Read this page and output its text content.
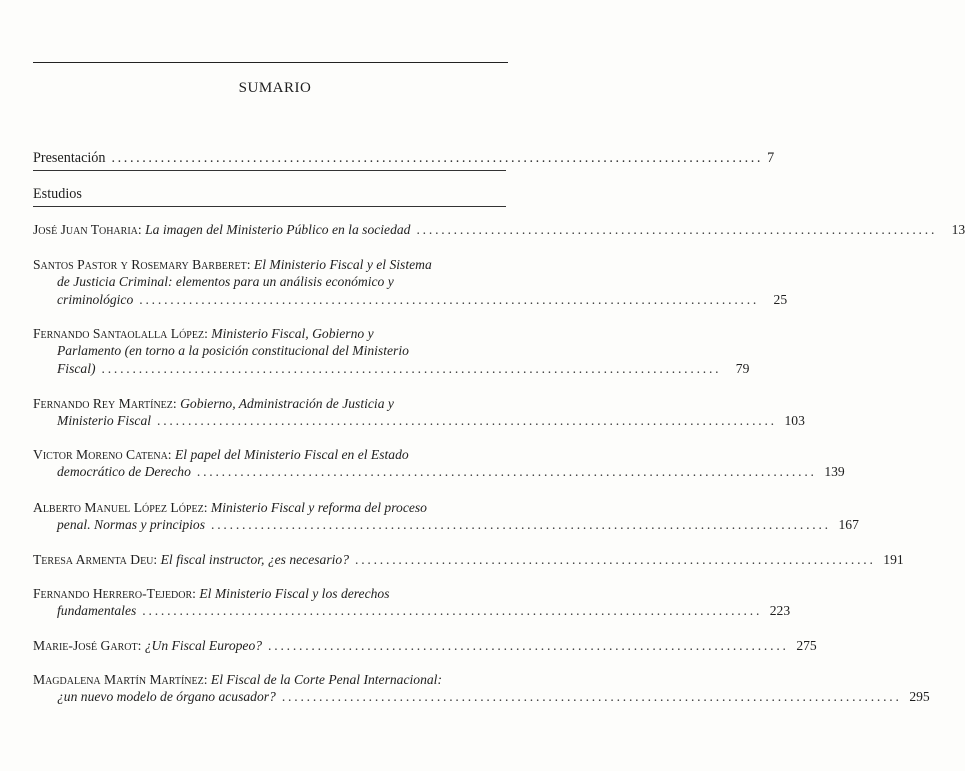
SUMARIO
Presentación .......................................................................................................... 7
Estudios
José Juan Toharia: La imagen del Ministerio Público en la sociedad ....................................................................................	13
Santos Pastor y Rosemary Barberet: El Ministerio Fiscal y el Sistema
de Justicia Criminal: elementos para un análisis económico y
criminológico ....................................................................................................	25
Fernando Santaolalla López: Ministerio Fiscal, Gobierno y
Parlamento (en torno a la posición constitucional del Ministerio
Fiscal) ....................................................................................................	79
Fernando Rey Martínez: Gobierno, Administración de Justicia y
Ministerio Fiscal .................................................................................................... 103
Victor Moreno Catena: El papel del Ministerio Fiscal en el Estado
democrático de Derecho .................................................................................................... 139
Alberto Manuel López López: Ministerio Fiscal y reforma del proceso
penal. Normas y principios .................................................................................................... 167
Teresa Armenta Deu: El fiscal instructor, ¿es necesario? .................................................................................... 191
Fernando Herrero-Tejedor: El Ministerio Fiscal y los derechos
fundamentales .................................................................................................... 223
Marie-José Garot: ¿Un Fiscal Europeo? .................................................................................... 275
Magdalena Martín Martínez: El Fiscal de la Corte Penal Internacional:
¿un nuevo modelo de órgano acusador? .................................................................................................... 295
